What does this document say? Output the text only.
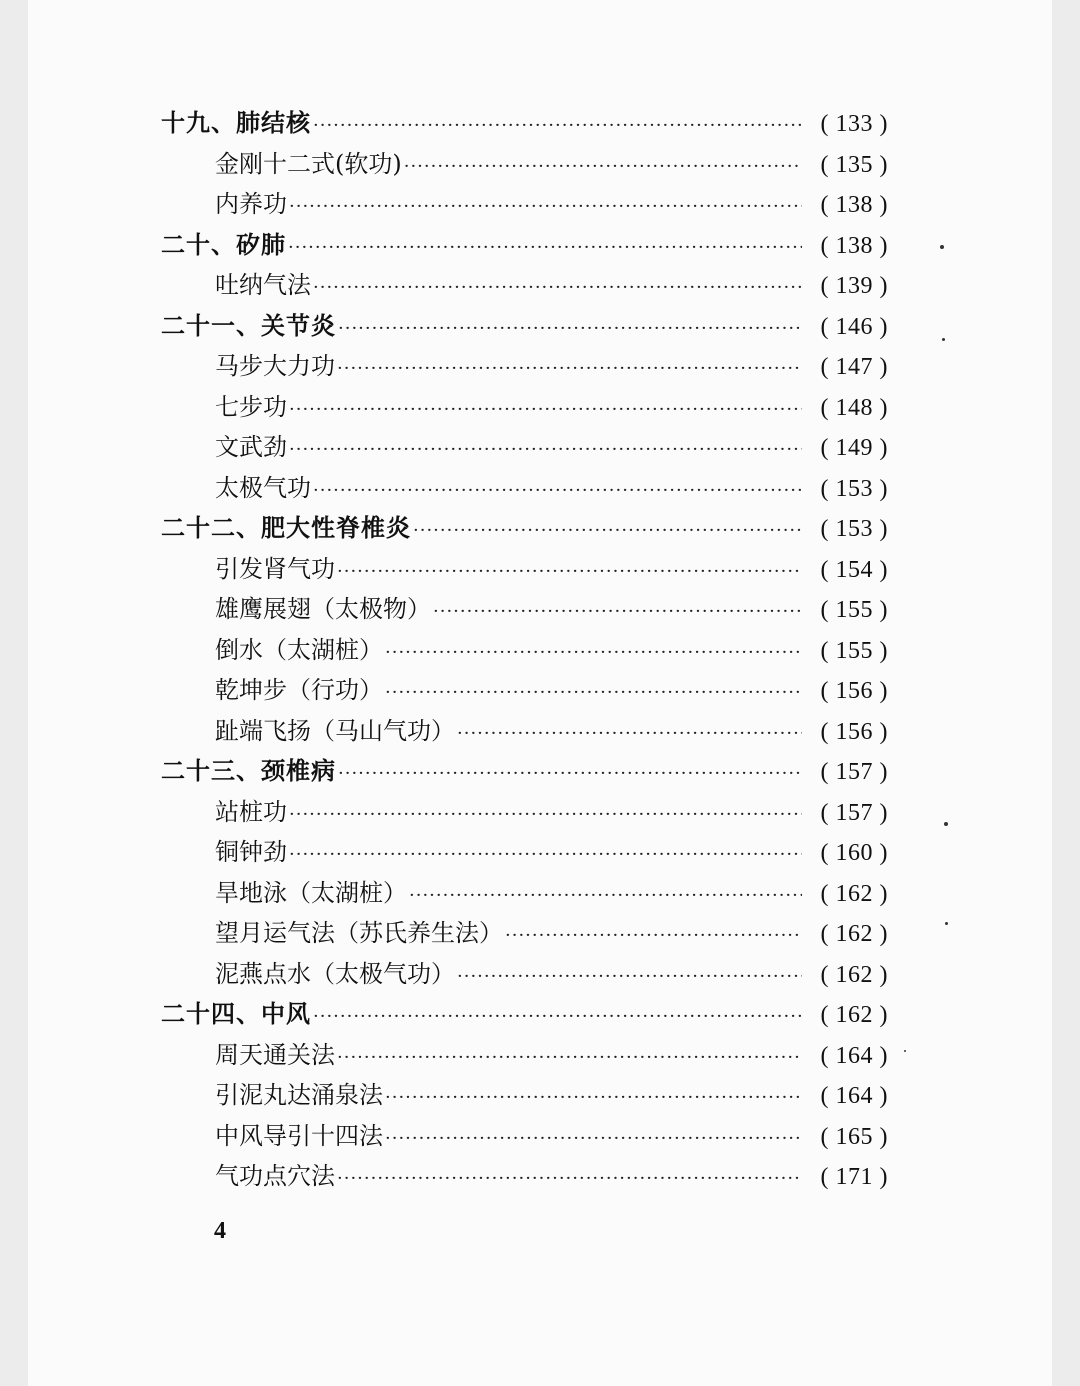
十九、肺结核 ·····	( 133 )
金刚十二式(软功) ·····	( 135 )
内养功 ·····	( 138 )
二十、矽肺 ·····	( 138 )
吐纳气法 ·····	( 139 )
二十一、关节炎 ·····	( 146 )
马步大力功 ·····	( 147 )
七步功 ·····	( 148 )
文武劲 ·····	( 149 )
太极气功 ·····	( 153 )
二十二、肥大性脊椎炎 ·····	( 153 )
引发肾气功 ·····	( 154 )
雄鹰展翅（太极物） ·····	( 155 )
倒水（太湖桩） ·····	( 155 )
乾坤步（行功） ·····	( 156 )
趾端飞扬（马山气功） ·····	( 156 )
二十三、颈椎病 ·····	( 157 )
站桩功 ·····	( 157 )
铜钟劲 ·····	( 160 )
旱地泳（太湖桩） ·····	( 162 )
望月运气法（苏氏养生法） ·····	( 162 )
泥燕点水（太极气功） ·····	( 162 )
二十四、中风 ·····	( 162 )
周天通关法 ·····	( 164 )
引泥丸达涌泉法 ·····	( 164 )
中风导引十四法 ·····	( 165 )
气功点穴法 ·····	( 171 )
4
